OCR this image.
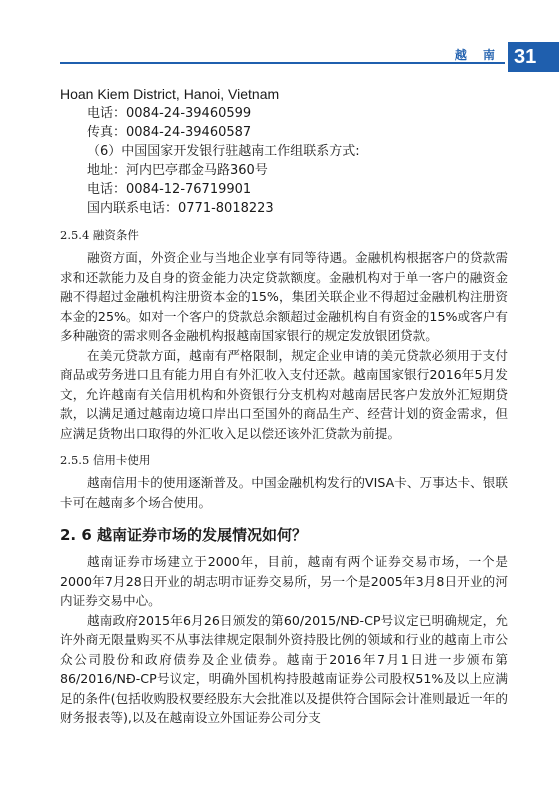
越 南 31
Hoan Kiem District, Hanoi, Vietnam
电话：0084-24-39460599
传真：0084-24-39460587
（6）中国国家开发银行驻越南工作组联系方式:
地址：河内巴亭郡金马路360号
电话：0084-12-76719901
国内联系电话：0771-8018223
2.5.4 融资条件

融资方面，外资企业与当地企业享有同等待遇。金融机构根据客户的贷款需求和还款能力及自身的资金能力决定贷款额度。金融机构对于单一客户的融资金融不得超过金融机构注册资本金的15%，集团关联企业不得超过金融机构注册资本金的25%。如对一个客户的贷款总余额超过金融机构自有资金的15%或客户有多种融资的需求则各金融机构报越南国家银行的规定发放银团贷款。

在美元贷款方面，越南有严格限制，规定企业申请的美元贷款必须用于支付商品或劳务进口且有能力用自有外汇收入支付还款。越南国家银行2016年5月发文，允许越南有关信用机构和外资银行分支机构对越南居民客户发放外汇短期贷款，以满足通过越南边境口岸出口至国外的商品生产、经营计划的资金需求，但应满足货物出口取得的外汇收入足以偿还该外汇贷款为前提。

2.5.5 信用卡使用

越南信用卡的使用逐渐普及。中国金融机构发行的VISA卡、万事达卡、银联卡可在越南多个场合使用。

2. 6 越南证券市场的发展情况如何？

越南证券市场建立于2000年，目前，越南有两个证券交易市场，一个是2000年7月28日开业的胡志明市证券交易所，另一个是2005年3月8日开业的河内证券交易中心。

越南政府2015年6月26日颁发的第60/2015/NĐ-CP号议定已明确规定，允许外商无限量购买不从事法律规定限制外资持股比例的领域和行业的越南上市公众公司股份和政府债券及企业债券。越南于2016年7月1日进一步颁布第86/2016/NĐ-CP号议定，明确外国机构持股越南证券公司股权51%及以上应满足的条件(包括收购股权要经股东大会批准以及提供符合国际会计准则最近一年的财务报表等),以及在越南设立外国证券公司分支
